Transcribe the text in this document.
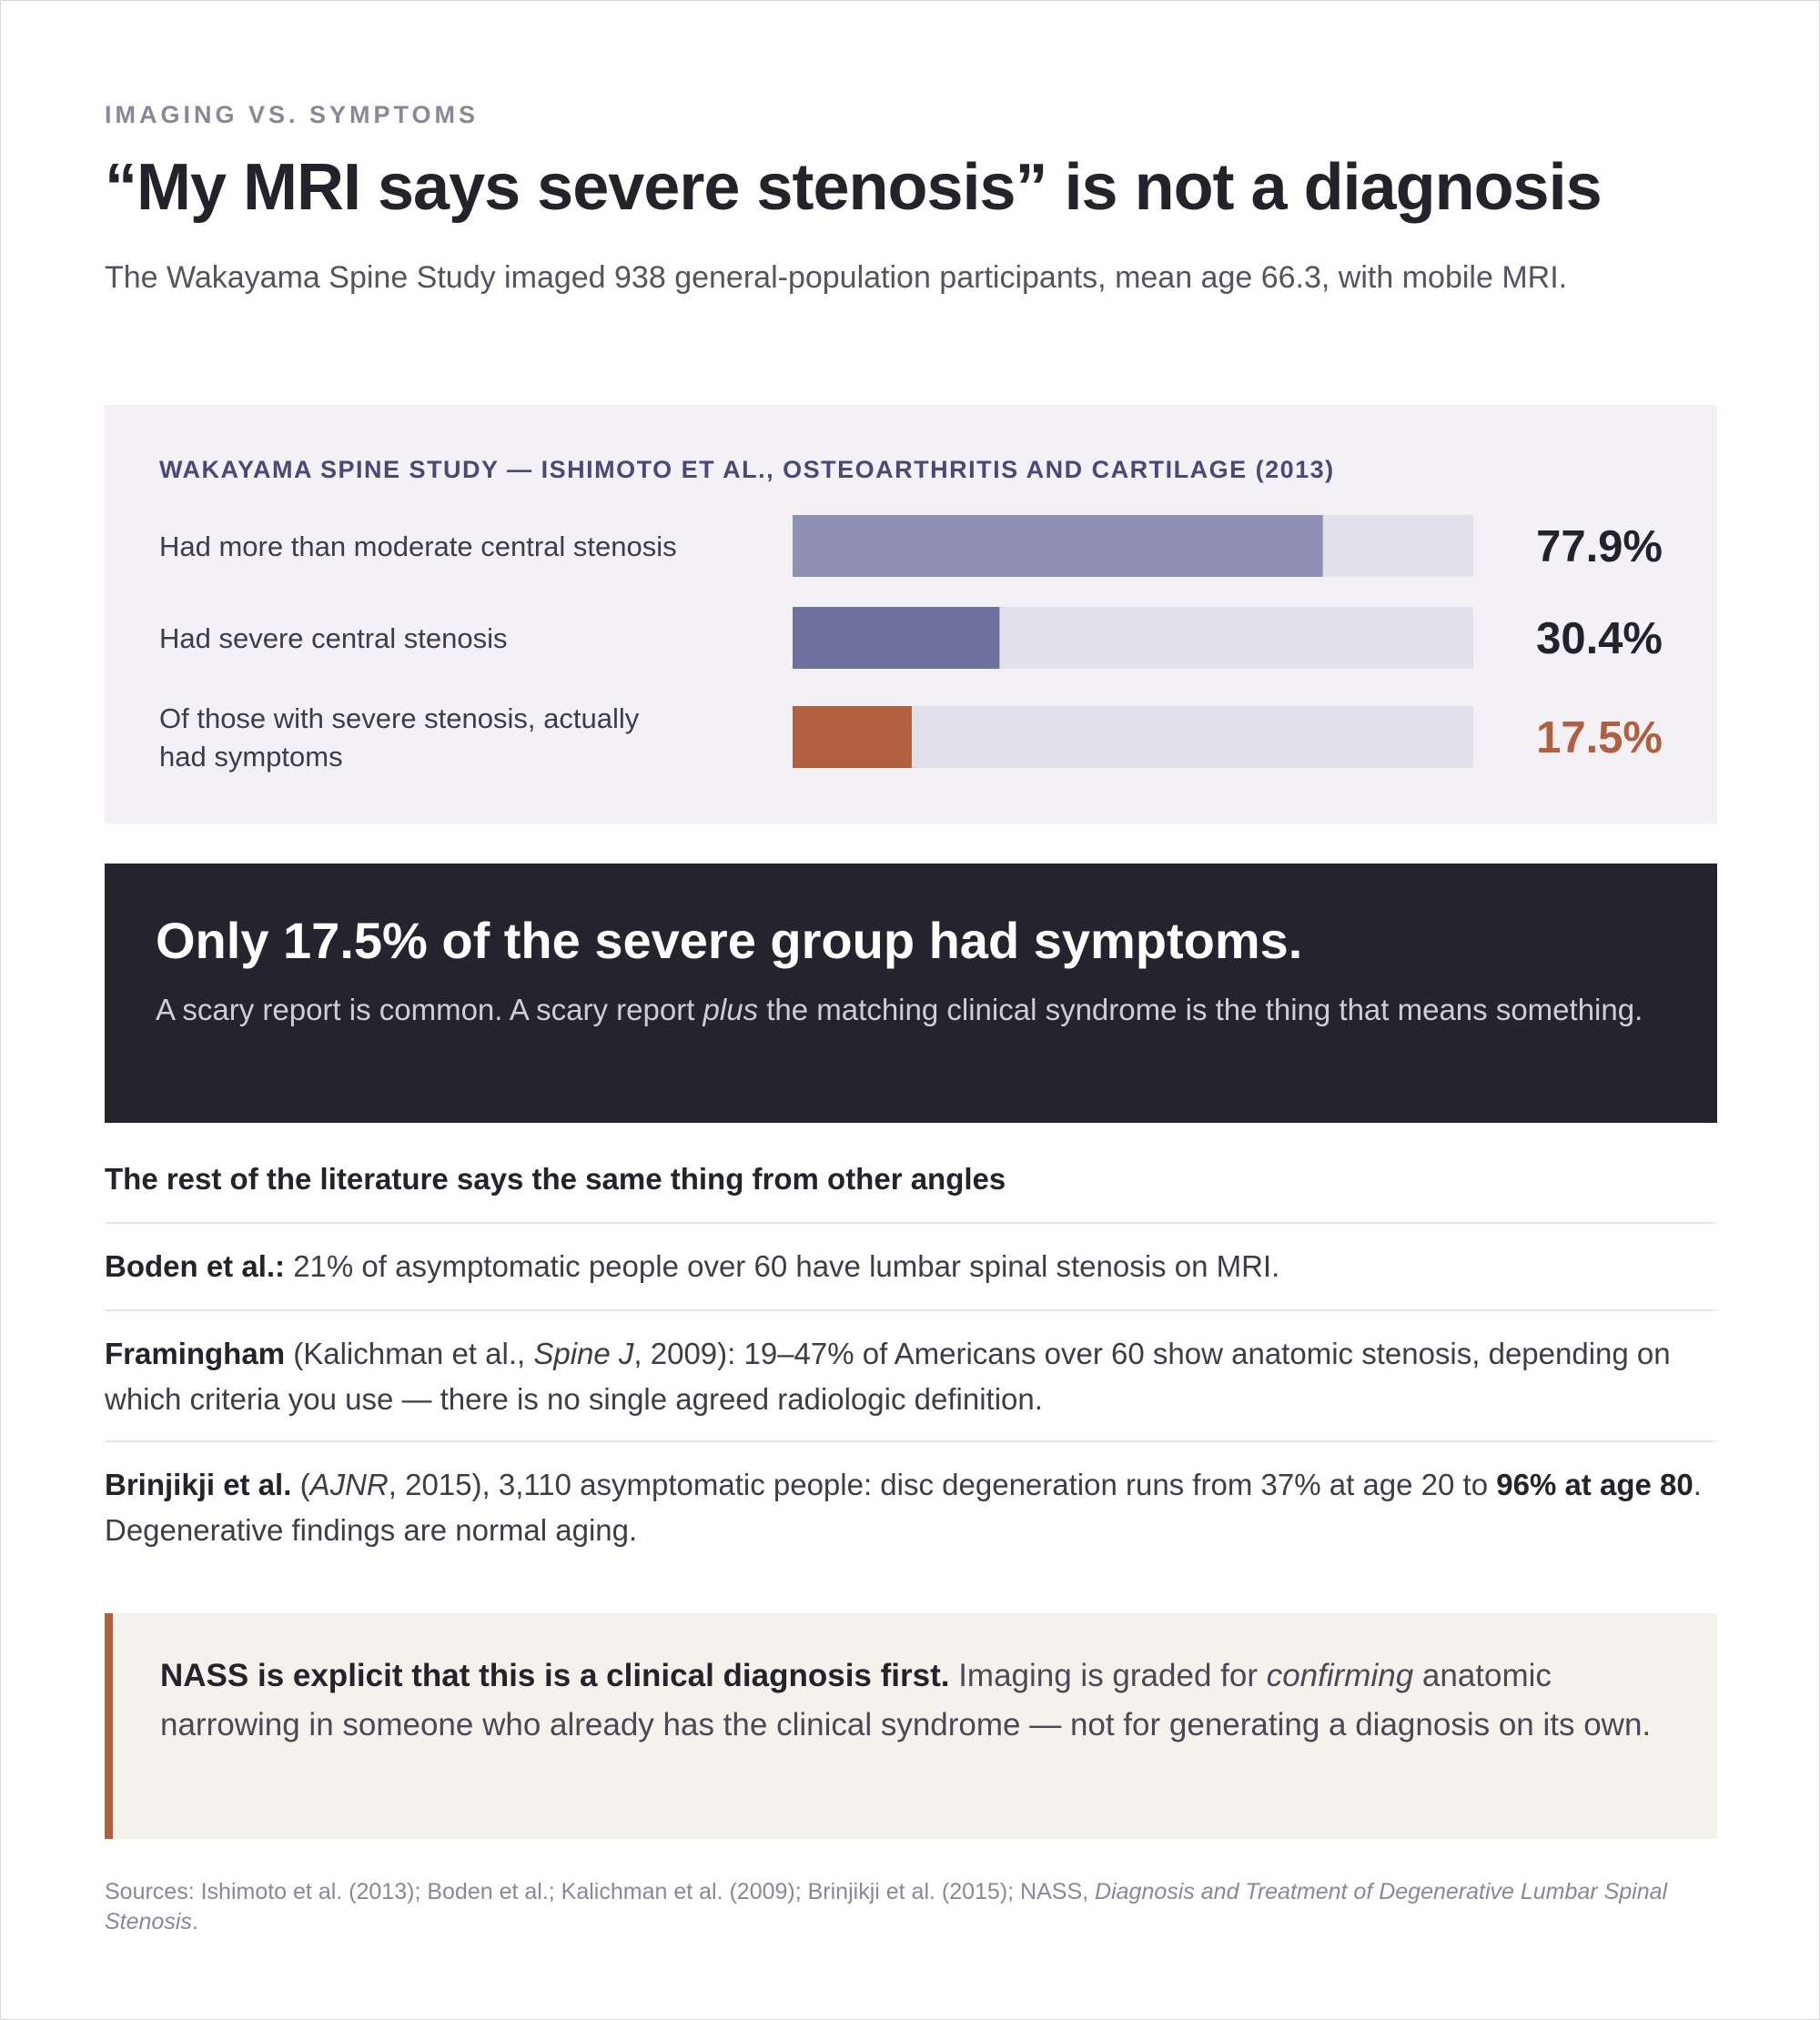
IMAGING VS. SYMPTOMS
“My MRI says severe stenosis” is not a diagnosis
The Wakayama Spine Study imaged 938 general-population participants, mean age 66.3, with mobile MRI.
WAKAYAMA SPINE STUDY — ISHIMOTO ET AL., OSTEOARTHRITIS AND CARTILAGE (2013)
Had more than moderate central stenosis	77.9%
Had severe central stenosis	30.4%
Of those with severe stenosis, actually had symptoms	17.5%
Only 17.5% of the severe group had symptoms.
A scary report is common. A scary report plus the matching clinical syndrome is the thing that means something.
The rest of the literature says the same thing from other angles
Boden et al.: 21% of asymptomatic people over 60 have lumbar spinal stenosis on MRI.
Framingham (Kalichman et al., Spine J, 2009): 19–47% of Americans over 60 show anatomic stenosis, depending on which criteria you use — there is no single agreed radiologic definition.
Brinjikji et al. (AJNR, 2015), 3,110 asymptomatic people: disc degeneration runs from 37% at age 20 to 96% at age 80. Degenerative findings are normal aging.
NASS is explicit that this is a clinical diagnosis first. Imaging is graded for confirming anatomic narrowing in someone who already has the clinical syndrome — not for generating a diagnosis on its own.
Sources: Ishimoto et al. (2013); Boden et al.; Kalichman et al. (2009); Brinjikji et al. (2015); NASS, Diagnosis and Treatment of Degenerative Lumbar Spinal Stenosis.
